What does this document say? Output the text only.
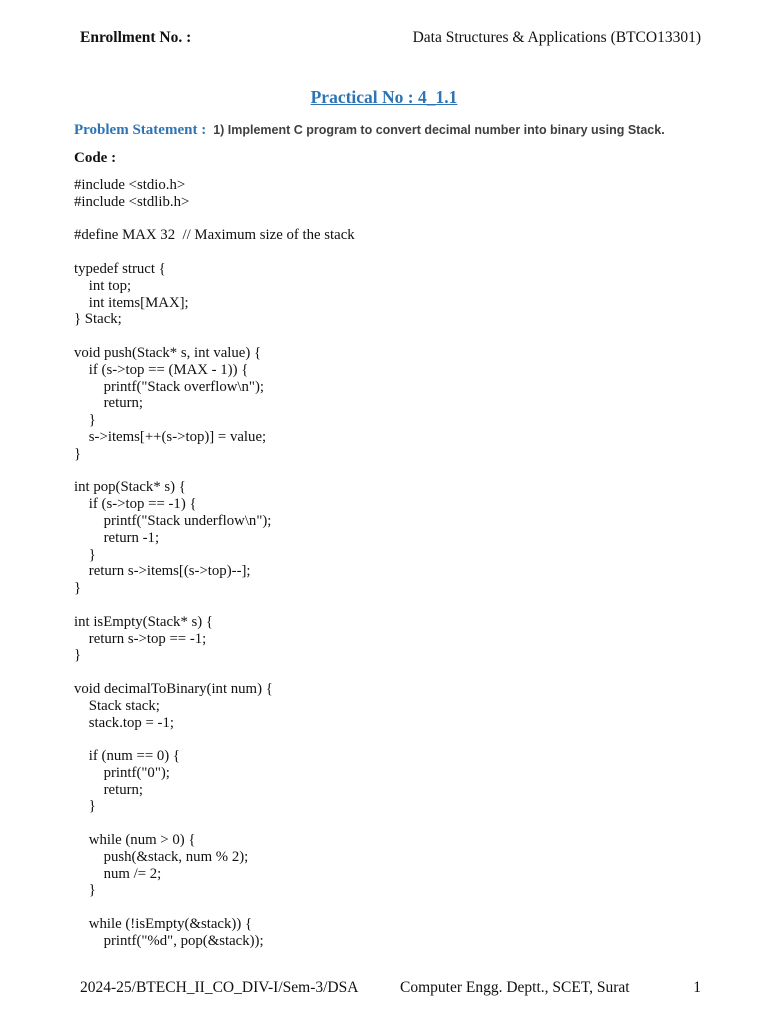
Enrollment No. :	Data Structures & Applications (BTCO13301)
Practical No : 4_1.1
Problem Statement : 1) Implement C program to convert decimal number into binary using Stack.
Code :
#include <stdio.h>
#include <stdlib.h>

#define MAX 32  // Maximum size of the stack

typedef struct {
int top;
int items[MAX];
} Stack;

void push(Stack* s, int value) {
if (s->top == (MAX - 1)) {
printf("Stack overflow\n");
return;
}
s->items[++(s->top)] = value;
}

int pop(Stack* s) {
if (s->top == -1) {
printf("Stack underflow\n");
return -1;
}
return s->items[(s->top)--];
}

int isEmpty(Stack* s) {
return s->top == -1;
}

void decimalToBinary(int num) {
Stack stack;
stack.top = -1;

if (num == 0) {
printf("0");
return;
}

while (num > 0) {
push(&stack, num % 2);
num /= 2;
}

while (!isEmpty(&stack)) {
printf("%d", pop(&stack));
2024-25/BTECH_II_CO_DIV-I/Sem-3/DSA	Computer Engg. Deptt., SCET, Surat	1
